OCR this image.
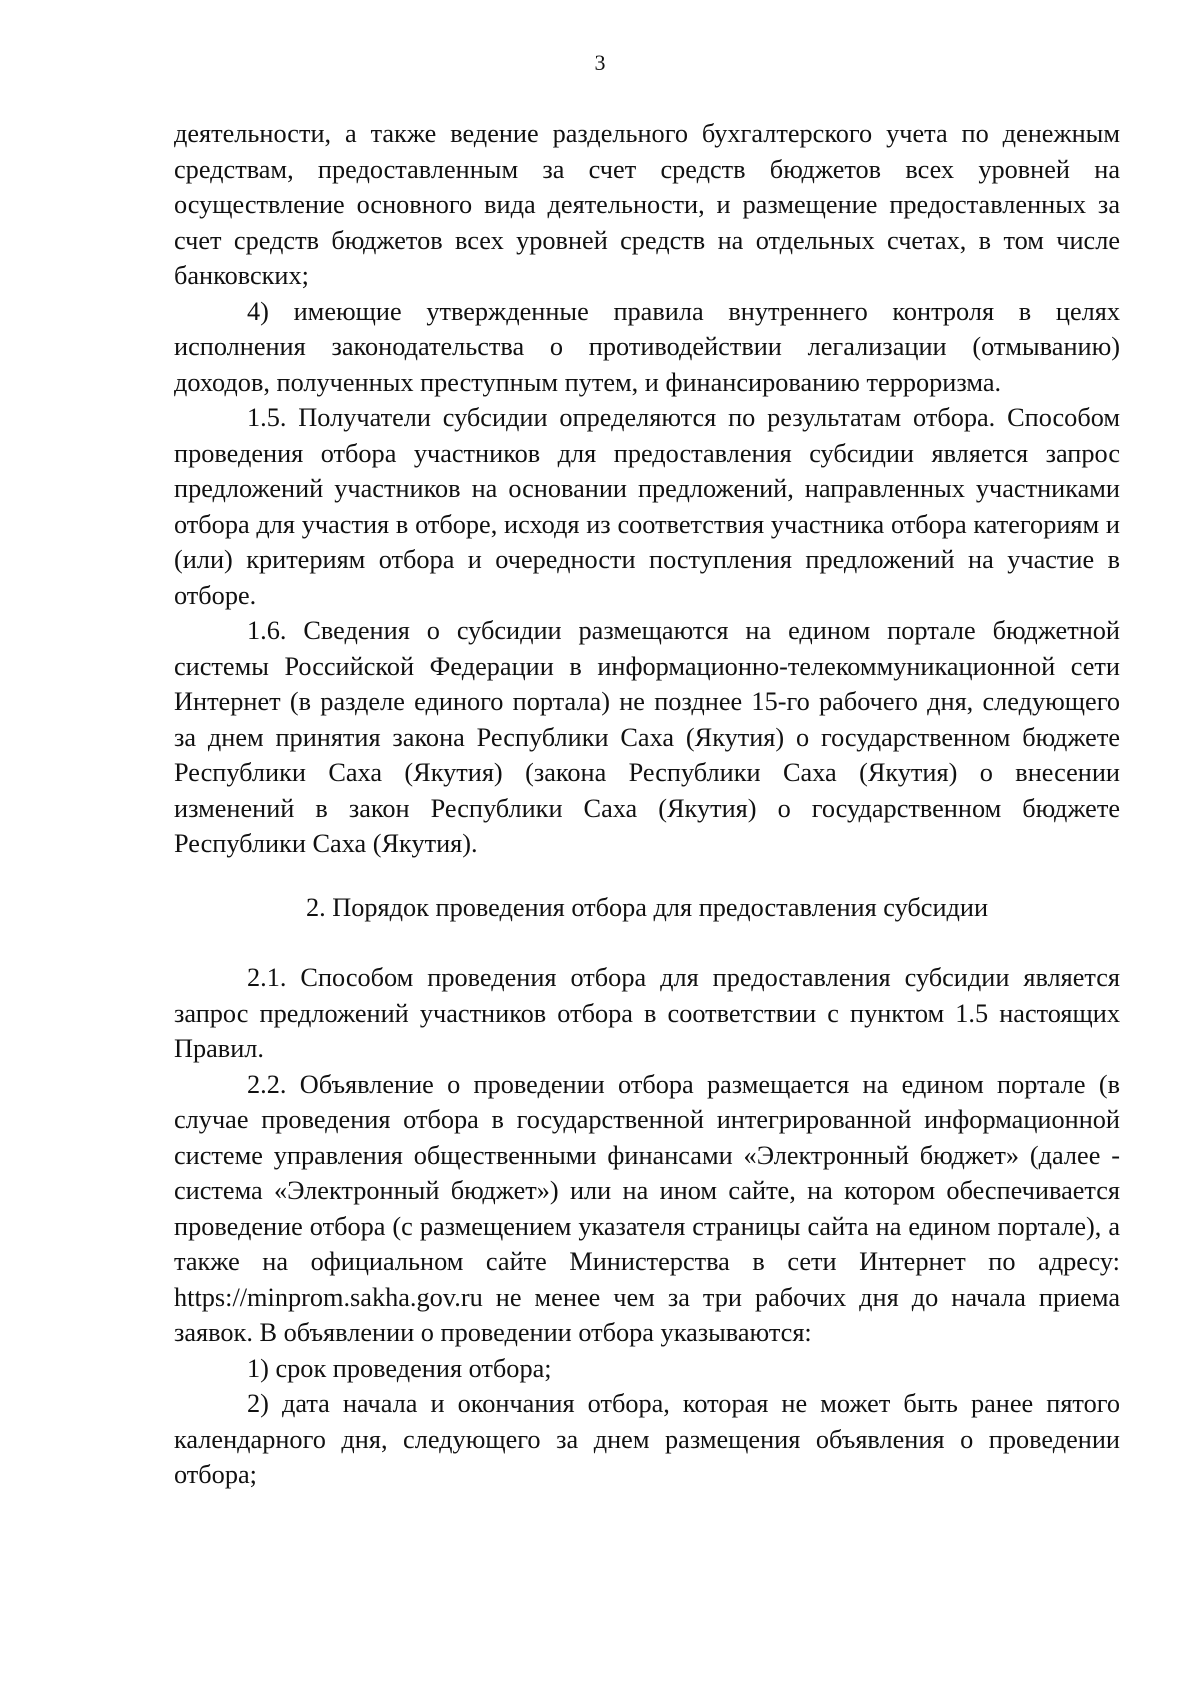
3

деятельности, а также ведение раздельного бухгалтерского учета по денежным средствам, предоставленным за счет средств бюджетов всех уровней на осуществление основного вида деятельности, и размещение предоставленных за счет средств бюджетов всех уровней средств на отдельных счетах, в том числе банковских;

4) имеющие утвержденные правила внутреннего контроля в целях исполнения законодательства о противодействии легализации (отмыванию) доходов, полученных преступным путем, и финансированию терроризма.

1.5. Получатели субсидии определяются по результатам отбора. Способом проведения отбора участников для предоставления субсидии является запрос предложений участников на основании предложений, направленных участниками отбора для участия в отборе, исходя из соответствия участника отбора категориям и (или) критериям отбора и очередности поступления предложений на участие в отборе.

1.6. Сведения о субсидии размещаются на едином портале бюджетной системы Российской Федерации в информационно-телекоммуникационной сети Интернет (в разделе единого портала) не позднее 15-го рабочего дня, следующего за днем принятия закона Республики Саха (Якутия) о государственном бюджете Республики Саха (Якутия) (закона Республики Саха (Якутия) о внесении изменений в закон Республики Саха (Якутия) о государственном бюджете Республики Саха (Якутия).

2. Порядок проведения отбора для предоставления субсидии

2.1. Способом проведения отбора для предоставления субсидии является запрос предложений участников отбора в соответствии с пунктом 1.5 настоящих Правил.

2.2. Объявление о проведении отбора размещается на едином портале (в случае проведения отбора в государственной интегрированной информационной системе управления общественными финансами «Электронный бюджет» (далее - система «Электронный бюджет») или на ином сайте, на котором обеспечивается проведение отбора (с размещением указателя страницы сайта на едином портале), а также на официальном сайте Министерства в сети Интернет по адресу: https://minprom.sakha.gov.ru не менее чем за три рабочих дня до начала приема заявок. В объявлении о проведении отбора указываются:

1) срок проведения отбора;

2) дата начала и окончания отбора, которая не может быть ранее пятого календарного дня, следующего за днем размещения объявления о проведении отбора;
